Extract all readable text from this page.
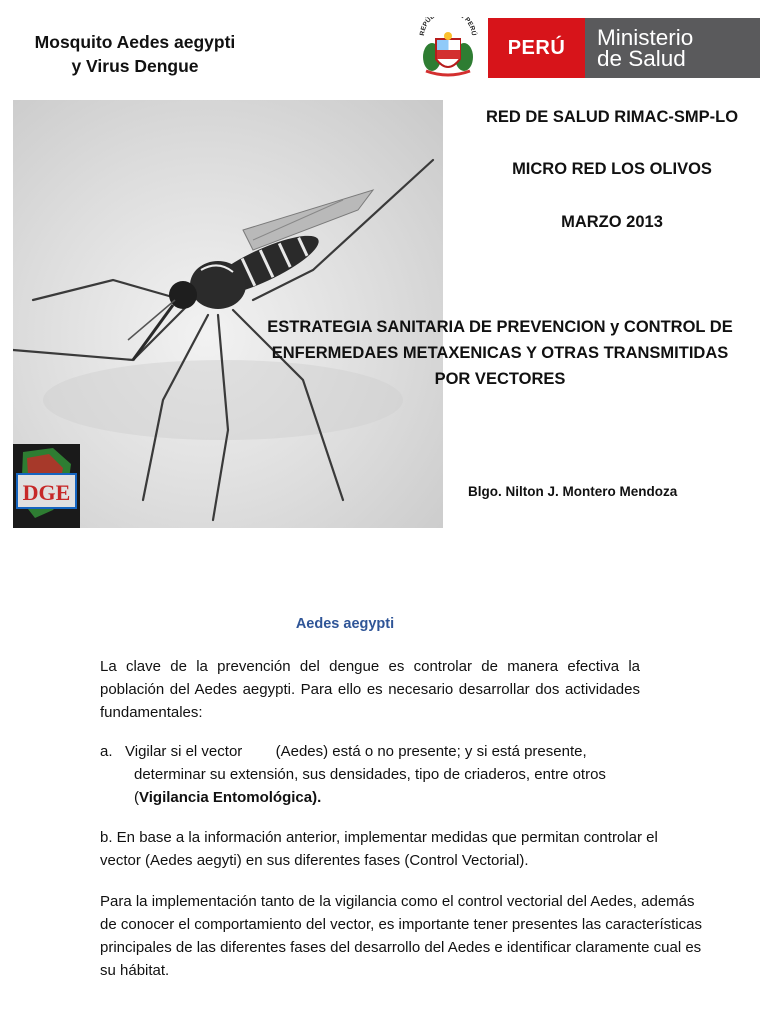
Mosquito Aedes aegypti
y Virus Dengue
REPÚ PERÚ
PERÚ	Ministerio
de Salud
RED DE SALUD RIMAC-SMP-LO
MICRO RED LOS OLIVOS
MARZO 2013
ESTRATEGIA SANITARIA DE PREVENCION y CONTROL DE
ENFERMEDAES METAXENICAS Y OTRAS TRANSMITIDAS
POR VECTORES
DGE	Blgo. Nilton J. Montero Mendoza
Aedes aegypti
La clave de la prevención del dengue es controlar de manera efectiva la población del Aedes aegypti. Para ello es necesario desarrollar dos actividades fundamentales:
a.   Vigilar si el vector        (Aedes) está o no presente; y si está presente,
determinar su extensión, sus densidades, tipo de criaderos, entre otros
(Vigilancia Entomológica).
b. En base a la información anterior, implementar medidas que permitan controlar el vector (Aedes aegyti) en sus diferentes fases (Control Vectorial).
Para la implementación tanto de la vigilancia como el control vectorial del Aedes, además de conocer el comportamiento del vector, es importante tener presentes las características principales de las diferentes fases del desarrollo del Aedes e identificar claramente cual es su hábitat.
